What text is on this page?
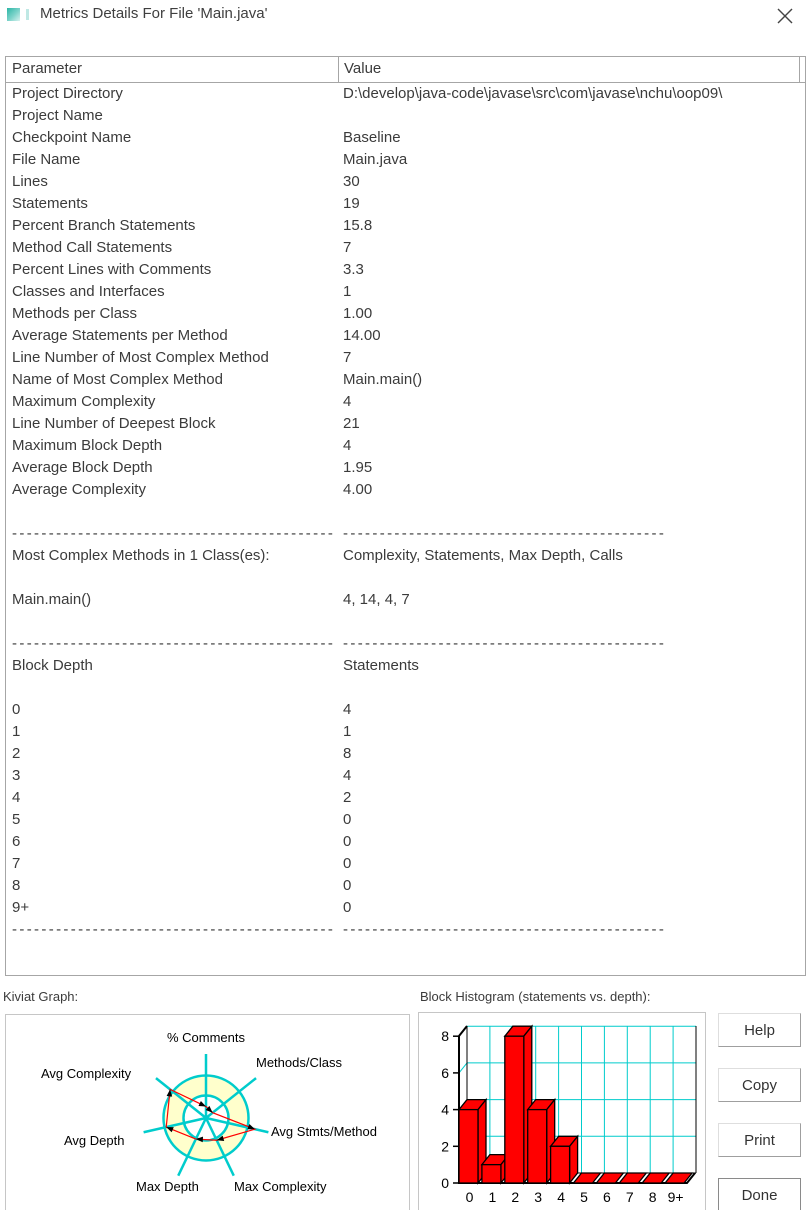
Metrics Details For File 'Main.java'
Parameter	Value
Project Directory	D:\develop\java-code\javase\src\com\javase\nchu\oop09\
Project Name
Checkpoint Name	Baseline
File Name	Main.java
Lines	30
Statements	19
Percent Branch Statements	15.8
Method Call Statements	7
Percent Lines with Comments	3.3
Classes and Interfaces	1
Methods per Class	1.00
Average Statements per Method	14.00
Line Number of Most Complex Method	7
Name of Most Complex Method	Main.main()
Maximum Complexity	4
Line Number of Deepest Block	21
Maximum Block Depth	4
Average Block Depth	1.95
Average Complexity	4.00

-------------------------------------------- --------------------------------------------
Most Complex Methods in 1 Class(es):	Complexity, Statements, Max Depth, Calls

Main.main()	4, 14, 4, 7

-------------------------------------------- --------------------------------------------
Block Depth	Statements

0	4
1	1
2	8
3	4
4	2
5	0
6	0
7	0
8	0
9+	0
-------------------------------------------- --------------------------------------------
Kiviat Graph:	Block Histogram (statements vs. depth):
% Comments
Methods/Class
Avg Stmts/Method
Max Complexity
Max Depth
Avg Depth
Avg Complexity
0 1 2 3 4 5 6 7 8 9+
0
2
4
6
8	Help
Copy
Print
Done
